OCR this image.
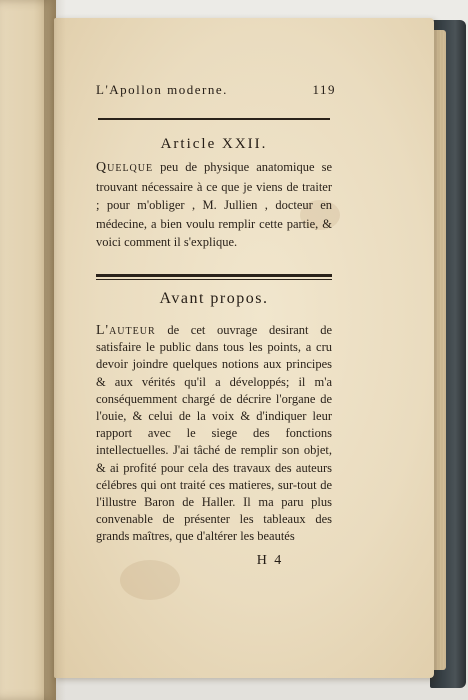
L'Apollon moderne.	119
Article XXII.
Quelque peu de physique anatomique se trouvant nécessaire à ce que je viens de traiter ; pour m'obliger , M. Jullien , docteur en médecine, a bien voulu remplir cette partie, & voici comment il s'explique.
Avant propos.
L'auteur de cet ouvrage desirant de satisfaire le public dans tous les points, a cru devoir joindre quelques notions aux principes & aux vérités qu'il a développés; il m'a conséquemment chargé de décrire l'organe de l'ouie, & celui de la voix & d'indiquer leur rapport avec le siege des fonctions intellectuelles. J'ai tâché de remplir son objet, & ai profité pour cela des travaux des auteurs célébres qui ont traité ces matieres, sur-tout de l'illustre Baron de Haller. Il ma paru plus convenable de présenter les tableaux des grands maîtres, que d'altérer les beautés
H 4
